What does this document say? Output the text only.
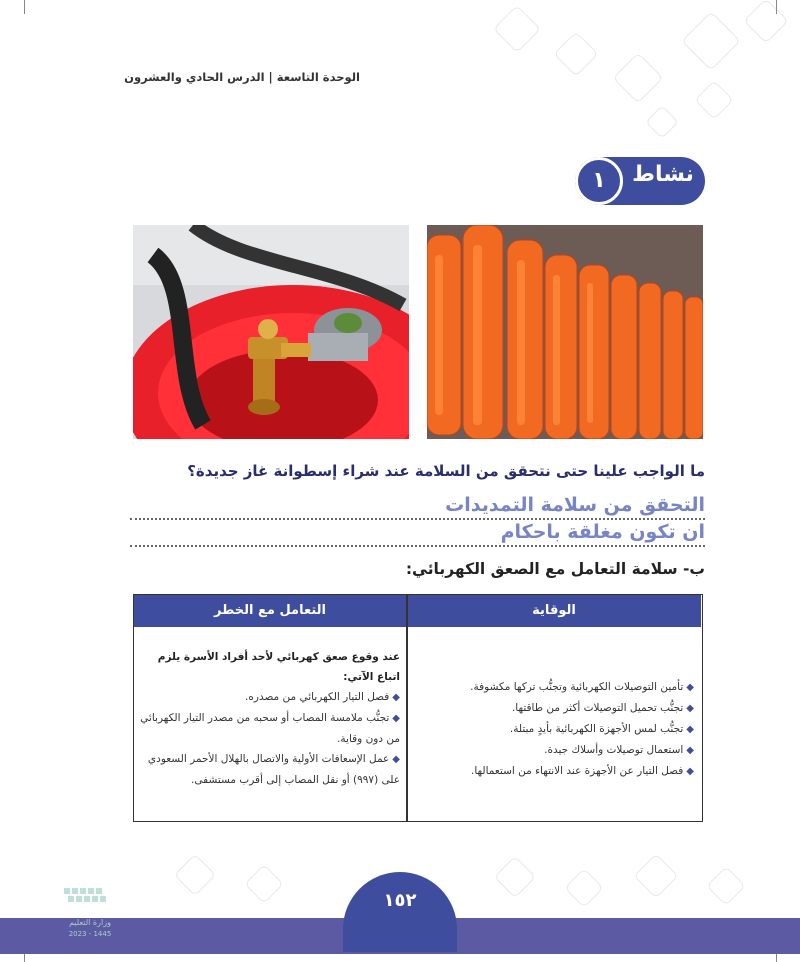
الوحدة التاسعة | الدرس الحادي والعشرون
نشاط
١
ما الواجب علينا حتى نتحقق من السلامة عند شراء إسطوانة غاز جديدة؟
التحقق من سلامة التمديدات
ان تكون مغلقة باحكام
ب- سلامة التعامل مع الصعق الكهربائي:
الوقاية
التعامل مع الخطر
◆تأمين التوصيلات الكهربائية وتجنُّب تركها مكشوفة.
◆تجنُّب تحميل التوصيلات أكثر من طاقتها.
◆تجنُّب لمس الأجهزة الكهربائية بأيدٍ مبتلة.
◆استعمال توصيلات وأسلاك جيدة.
◆فصل التيار عن الأجهزة عند الانتهاء من استعمالها.
عند وقوع صعق كهربائي لأحد أفراد الأسرة يلزم اتباع الآتي:
◆فصل التيار الكهربائي من مصدره.
◆تجنُّب ملامسة المصاب أو سحبه من مصدر التيار الكهربائي من دون وقاية.
◆عمل الإسعافات الأولية والاتصال بالهلال الأحمر السعودي على (٩٩٧) أو نقل المصاب إلى أقرب مستشفى.
١٥٢
وزارة التعليم
2023 - 1445
